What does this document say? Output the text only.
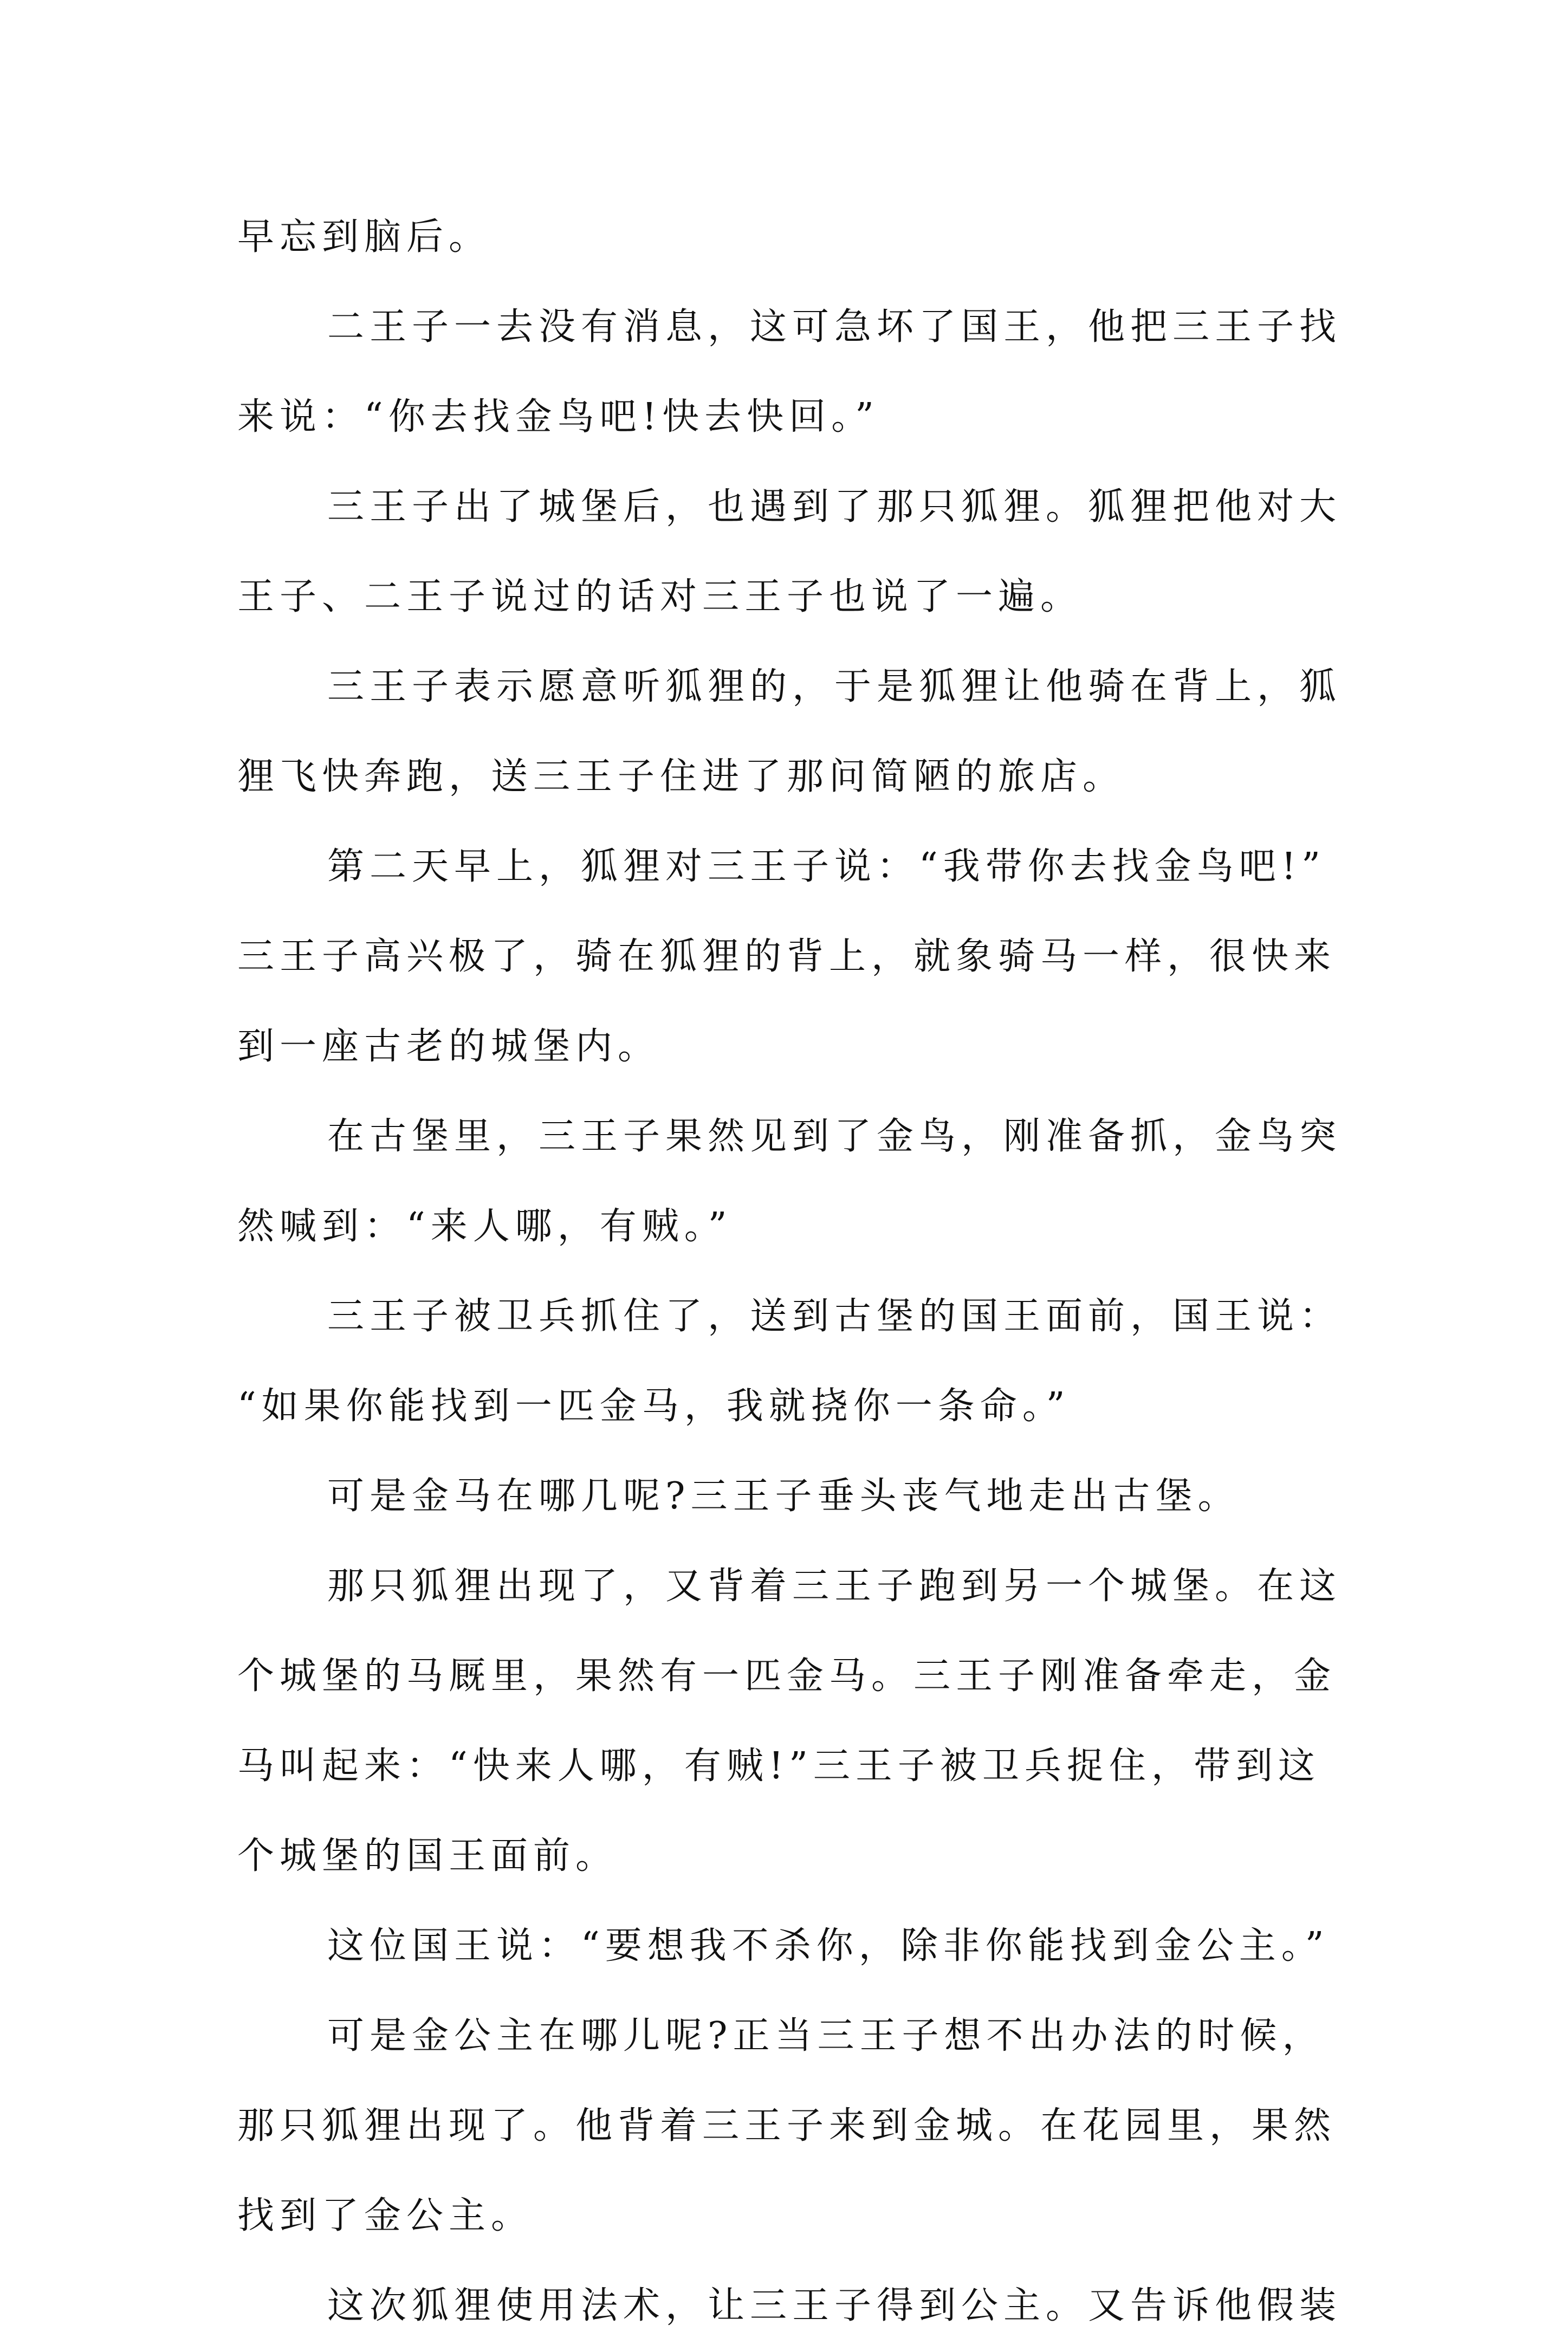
早忘到脑后。
二王子一去没有消息，这可急坏了国王，他把三王子找
来说：“你去找金鸟吧!快去快回。”
三王子出了城堡后，也遇到了那只狐狸。狐狸把他对大
王子、二王子说过的话对三王子也说了一遍。
三王子表示愿意听狐狸的，于是狐狸让他骑在背上，狐
狸飞快奔跑，送三王子住进了那问简陋的旅店。
第二天早上，狐狸对三王子说：“我带你去找金鸟吧!”
三王子高兴极了，骑在狐狸的背上，就象骑马一样，很快来
到一座古老的城堡内。
在古堡里，三王子果然见到了金鸟，刚准备抓，金鸟突
然喊到：“来人哪，有贼。”
三王子被卫兵抓住了，送到古堡的国王面前，国王说：
“如果你能找到一匹金马，我就挠你一条命。”
可是金马在哪几呢?三王子垂头丧气地走出古堡。
那只狐狸出现了，又背着三王子跑到另一个城堡。在这
个城堡的马厩里，果然有一匹金马。三王子刚准备牵走，金
马叫起来：“快来人哪，有贼!”三王子被卫兵捉住，带到这
个城堡的国王面前。
这位国王说：“要想我不杀你，除非你能找到金公主。”
可是金公主在哪儿呢?正当三王子想不出办法的时候，
那只狐狸出现了。他背着三王子来到金城。在花园里，果然
找到了金公主。
这次狐狸使用法术，让三王子得到公主。又告诉他假装
